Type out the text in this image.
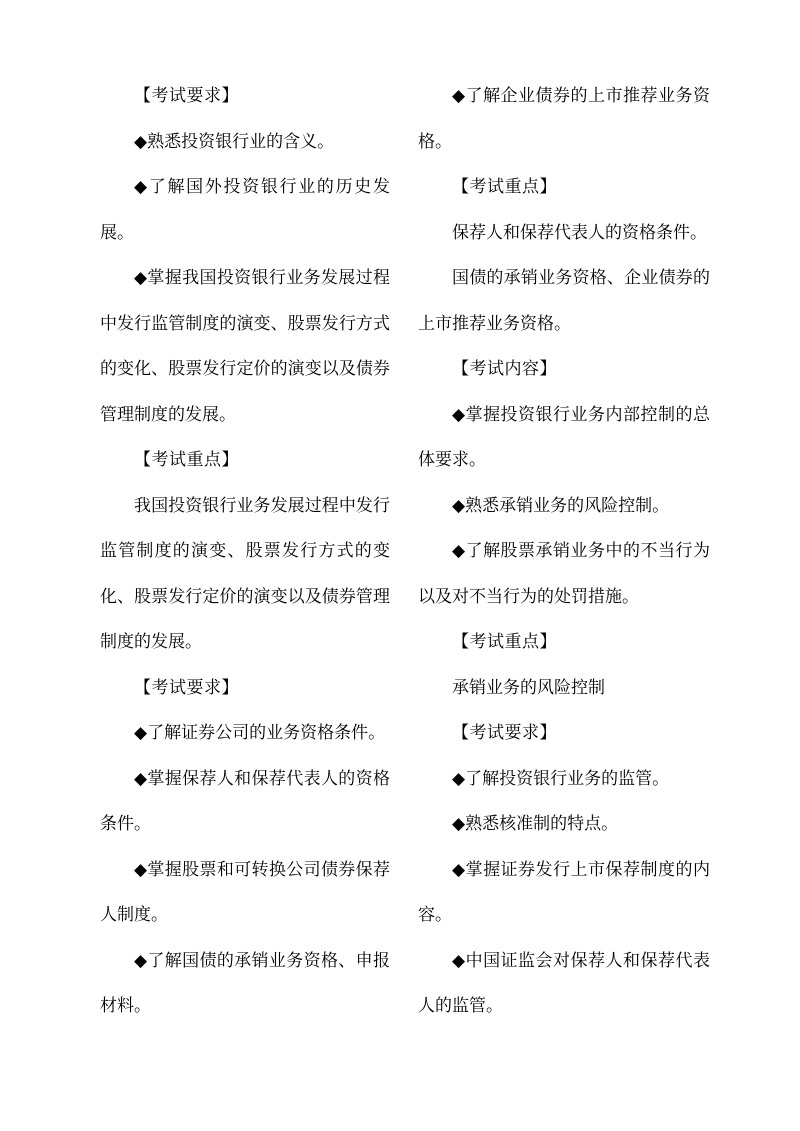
【考试要求】

◆熟悉投资银行业的含义。

◆了解国外投资银行业的历史发展。

◆掌握我国投资银行业务发展过程中发行监管制度的演变、股票发行方式的变化、股票发行定价的演变以及债券管理制度的发展。

【考试重点】

我国投资银行业务发展过程中发行监管制度的演变、股票发行方式的变化、股票发行定价的演变以及债券管理制度的发展。

【考试要求】

◆了解证券公司的业务资格条件。

◆掌握保荐人和保荐代表人的资格条件。

◆掌握股票和可转换公司债券保荐人制度。

◆了解国债的承销业务资格、申报材料。

◆了解企业债券的上市推荐业务资格。

【考试重点】

保荐人和保荐代表人的资格条件。

国债的承销业务资格、企业债券的上市推荐业务资格。

【考试内容】

◆掌握投资银行业务内部控制的总体要求。

◆熟悉承销业务的风险控制。

◆了解股票承销业务中的不当行为以及对不当行为的处罚措施。

【考试重点】

承销业务的风险控制

【考试要求】

◆了解投资银行业务的监管。

◆熟悉核准制的特点。

◆掌握证券发行上市保荐制度的内容。

◆中国证监会对保荐人和保荐代表人的监管。
